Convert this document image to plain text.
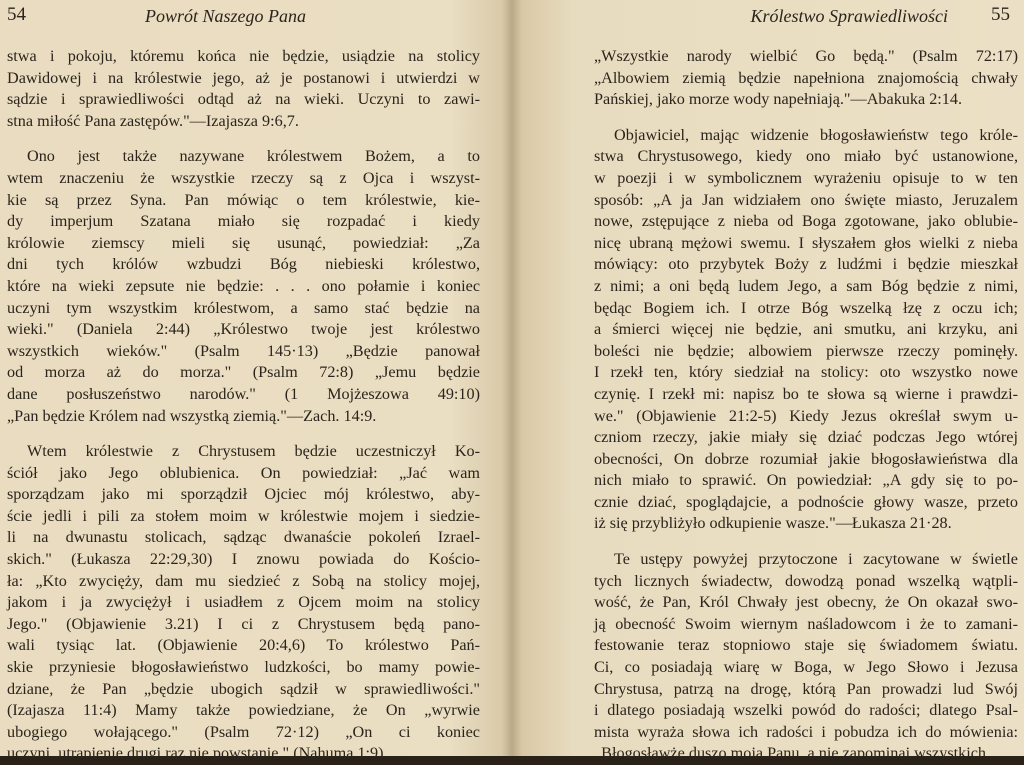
54	Powrót Naszego Pana
stwa i pokoju, któremu końca nie będzie, usiądzie na stolicy
Dawidowej i na królestwie jego, aż je postanowi i utwierdzi w
sądzie i sprawiedliwości odtąd aż na wieki. Uczyni to zawi-
stna miłość Pana zastępów."—Izajasza 9:6,7.
Ono jest także nazywane królestwem Bożem, a to
wtem znaczeniu że wszystkie rzeczy są z Ojca i wszyst-
kie są przez Syna. Pan mówiąc o tem królestwie, kie-
dy imperjum Szatana miało się rozpadać i kiedy
królowie ziemscy mieli się usunąć, powiedział: „Za
dni tych królów wzbudzi Bóg niebieski królestwo,
które na wieki zepsute nie będzie: . . . ono połamie i koniec
uczyni tym wszystkim królestwom, a samo stać będzie na
wieki." (Daniela 2:44) „Królestwo twoje jest królestwo
wszystkich wieków." (Psalm 145·13) „Będzie panował
od morza aż do morza." (Psalm 72:8) „Jemu będzie
dane posłuszeństwo narodów." (1 Mojżeszowa 49:10)
„Pan będzie Królem nad wszystką ziemią."—Zach. 14:9.
Wtem królestwie z Chrystusem będzie uczestniczył Ko-
ściół jako Jego oblubienica. On powiedział: „Jać wam
sporządzam jako mi sporządził Ojciec mój królestwo, aby-
ście jedli i pili za stołem moim w królestwie mojem i siedzie-
li na dwunastu stolicach, sądząc dwanaście pokoleń Izrael-
skich." (Łukasza 22:29,30) I znowu powiada do Kościo-
ła: „Kto zwycięży, dam mu siedzieć z Sobą na stolicy mojej,
jakom i ja zwyciężył i usiadłem z Ojcem moim na stolicy
Jego." (Objawienie 3.21) I ci z Chrystusem będą pano-
wali tysiąc lat. (Objawienie 20:4,6) To królestwo Pań-
skie przyniesie błogosławieństwo ludzkości, bo mamy powie-
dziane, że Pan „będzie ubogich sądził w sprawiedliwości."
(Izajasza 11:4) Mamy także powiedziane, że On „wyrwie
ubogiego wołającego." (Psalm 72·12) „On ci koniec
uczyni, utrapienie drugi raz nie powstanie." (Nahuma 1:9)
Królestwo Sprawiedliwości 55
„Wszystkie narody wielbić Go będą." (Psalm 72:17)
„Albowiem ziemią będzie napełniona znajomością chwały
Pańskiej, jako morze wody napełniają."—Abakuka 2:14.
Objawiciel, mając widzenie błogosławieństw tego króle-
stwa Chrystusowego, kiedy ono miało być ustanowione,
w poezji i w symbolicznem wyrażeniu opisuje to w ten
sposób: „A ja Jan widziałem ono święte miasto, Jeruzalem
nowe, zstępujące z nieba od Boga zgotowane, jako oblubie-
nicę ubraną mężowi swemu. I słyszałem głos wielki z nieba
mówiący: oto przybytek Boży z ludźmi i będzie mieszkał
z nimi; a oni będą ludem Jego, a sam Bóg będzie z nimi,
będąc Bogiem ich. I otrze Bóg wszelką łzę z oczu ich;
a śmierci więcej nie będzie, ani smutku, ani krzyku, ani
boleści nie będzie; albowiem pierwsze rzeczy pominęły.
I rzekł ten, który siedział na stolicy: oto wszystko nowe
czynię. I rzekł mi: napisz bo te słowa są wierne i prawdzi-
we." (Objawienie 21:2-5) Kiedy Jezus określał swym u-
czniom rzeczy, jakie miały się dziać podczas Jego wtórej
obecności, On dobrze rozumiał jakie błogosławieństwa dla
nich miało to sprawić. On powiedział: „A gdy się to po-
cznie dziać, spoglądajcie, a podnoście głowy wasze, przeto
iż się przybliżyło odkupienie wasze."—Łukasza 21·28.
Te ustępy powyżej przytoczone i zacytowane w świetle
tych licznych świadectw, dowodzą ponad wszelką wątpli-
wość, że Pan, Król Chwały jest obecny, że On okazał swo-
ją obecność Swoim wiernym naśladowcom i że to zamani-
festowanie teraz stopniowo staje się świadomem światu.
Ci, co posiadają wiarę w Boga, w Jego Słowo i Jezusa
Chrystusa, patrzą na drogę, którą Pan prowadzi lud Swój
i dlatego posiadają wszelki powód do radości; dlatego Psal-
mista wyraża słowa ich radości i pobudza ich do mówienia:
„Błogosławże duszo moja Panu, a nie zapominaj wszystkich
